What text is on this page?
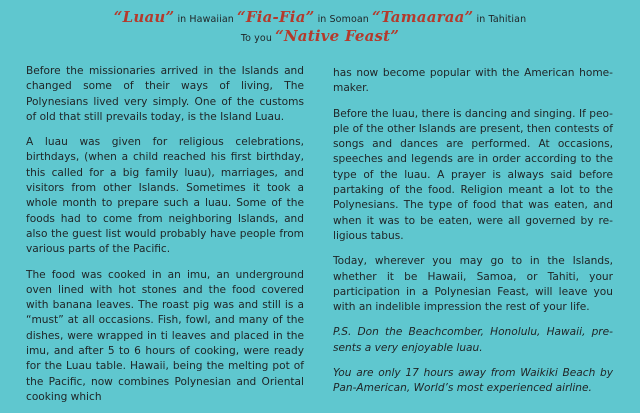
“Luau” in Hawaiian “Fia-Fia” in Somoan “Tamaaraa” in Tahitian
To you “Native Feast”

Before the missionaries arrived in the Islands and changed some of their ways of living, The Polynesians lived very simply. One of the customs of old that still prevails today, is the Island Luau.

A luau was given for religious celebrations, birthdays, (when a child reached his first birthday, this called for a big family luau), marriages, and visitors from other Islands. Sometimes it took a whole month to prepare such a luau. Some of the foods had to come from neighboring Islands, and also the guest list would probably have people from various parts of the Pacific.

The food was cooked in an imu, an underground oven lined with hot stones and the food covered with banana leaves. The roast pig was and still is a “must” at all occasions. Fish, fowl, and many of the dishes, were wrapped in ti leaves and placed in the imu, and after 5 to 6 hours of cooking, were ready for the Luau table. Hawaii, being the melting pot of the Pacific, now combines Polynesian and Oriental cooking which

has now become popular with the American home-maker.

Before the luau, there is dancing and singing. If peo-ple of the other Islands are present, then contests of songs and dances are performed. At occasions, speeches and legends are in order according to the type of the luau. A prayer is always said before partaking of the food. Religion meant a lot to the Polynesians. The type of food that was eaten, and when it was to be eaten, were all governed by re-ligious tabus.

Today, wherever you may go to in the Islands, whether it be Hawaii, Samoa, or Tahiti, your participation in a Polynesian Feast, will leave you with an indelible impression the rest of your life.

P.S. Don the Beachcomber, Honolulu, Hawaii, pre-sents a very enjoyable luau.

You are only 17 hours away from Waikiki Beach by Pan-American, World’s most experienced airline.
